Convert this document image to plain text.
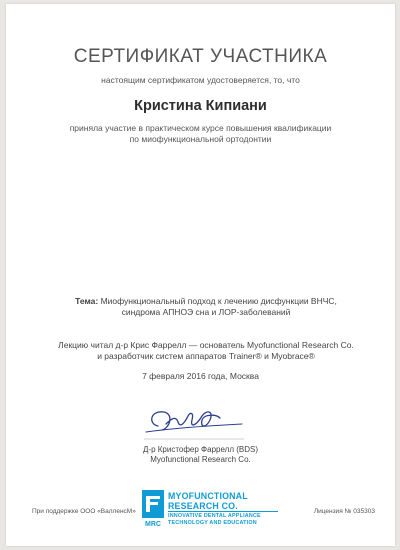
СЕРТИФИКАТ УЧАСТНИКА
настоящим сертификатом удостоверяется, то, что
Кристина Кипиани
приняла участие в практическом курсе повышения квалификации
по миофункциональной ортодонтии
Тема: Миофункциональный подход к лечению дисфункции ВНЧС,
синдрома АПНОЭ сна и ЛОР-заболеваний
Лекцию читал д-р Крис Фаррелл — основатель Myofunctional Research Co.
и разработчик систем аппаратов Trainer® и Myobrace®
7 февраля 2016 года, Москва
Д-р Кристофер Фаррелл (BDS)
Myofunctional Research Co.
При поддержке ООО «ВалленсМ»
MRC
MYOFUNCTIONAL
RESEARCH CO.
INNOVATIVE DENTAL APPLIANCE
TECHNOLOGY AND EDUCATION
Лицензия № 035303
